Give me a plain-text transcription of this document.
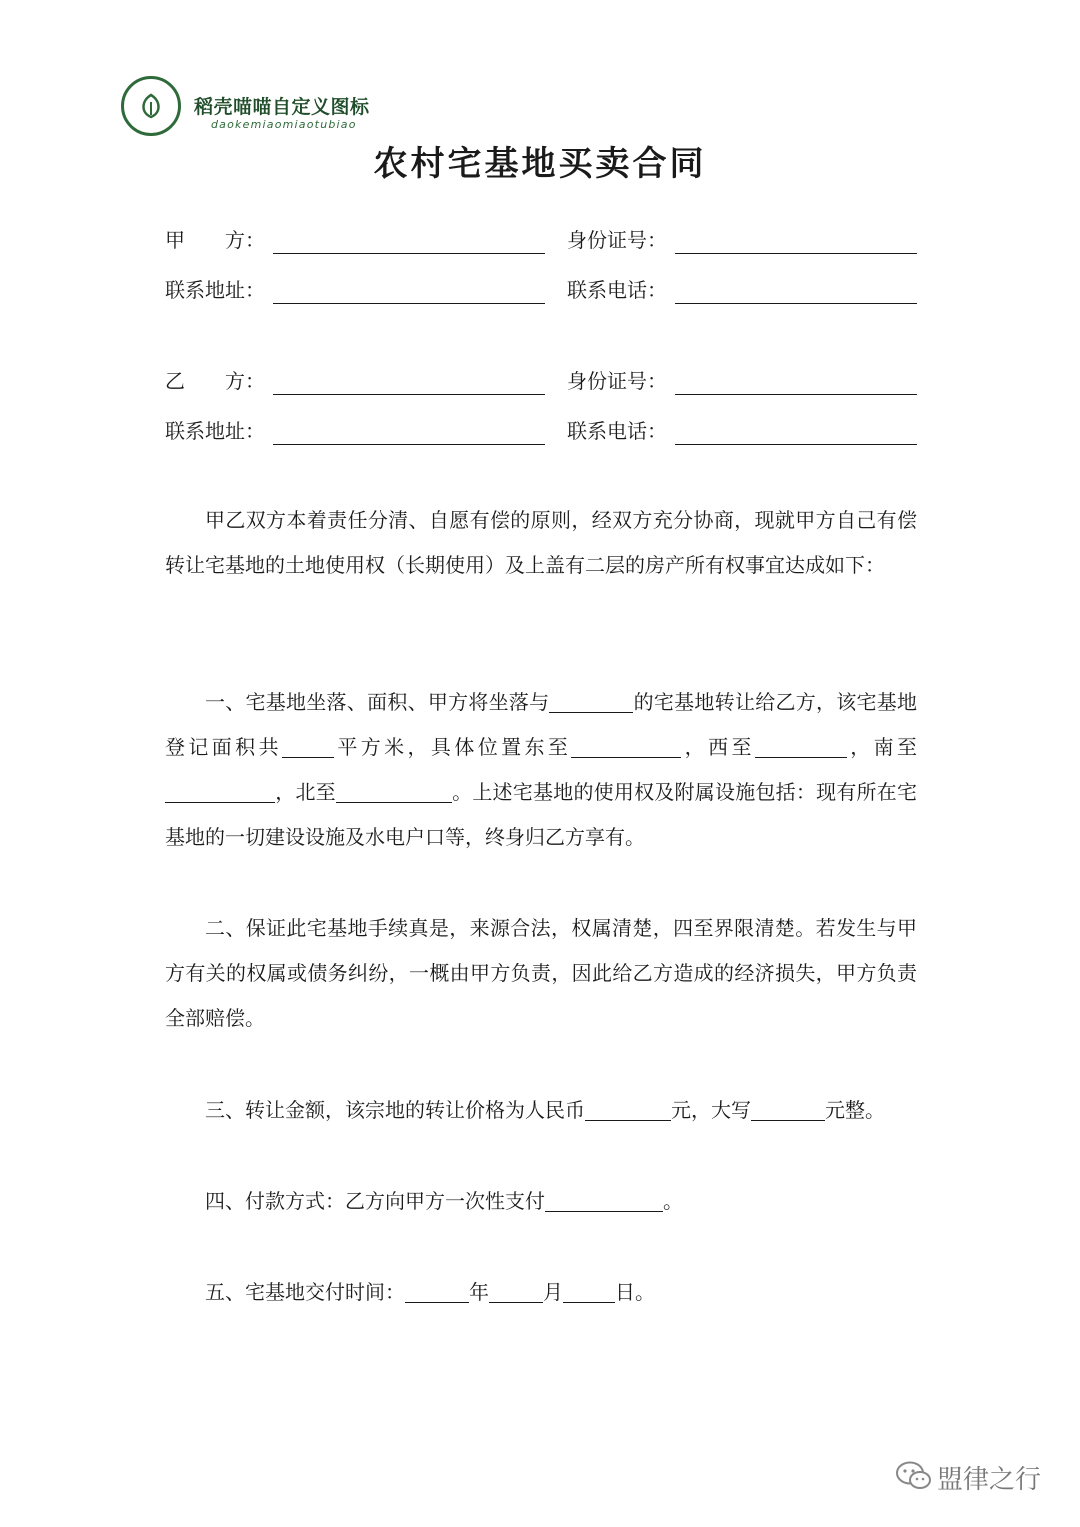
稻壳喵喵自定义图标
daokemiaomiaotubiao
农村宅基地买卖合同
甲　　方：	身份证号：
联系地址：	联系电话：
乙　　方：	身份证号：
联系地址：	联系电话：
甲乙双方本着责任分清、自愿有偿的原则，经双方充分协商，现就甲方自己有偿转让宅基地的土地使用权（长期使用）及上盖有二层的房产所有权事宜达成如下：
一、宅基地坐落、面积、甲方将坐落与	的宅基地转让给乙方，该宅基地登记面积共	平方米，具体位置东至	，西至	，南至，北至	。上述宅基地的使用权及附属设施包括：现有所在宅基地的一切建设设施及水电户口等，终身归乙方享有。
二、保证此宅基地手续真是，来源合法，权属清楚，四至界限清楚。若发生与甲方有关的权属或债务纠纷，一概由甲方负责，因此给乙方造成的经济损失，甲方负责全部赔偿。
三、转让金额，该宗地的转让价格为人民币	元，大写	元整。
四、付款方式：乙方向甲方一次性支付	。
五、宅基地交付时间：	年	月	日。
盟律之行
